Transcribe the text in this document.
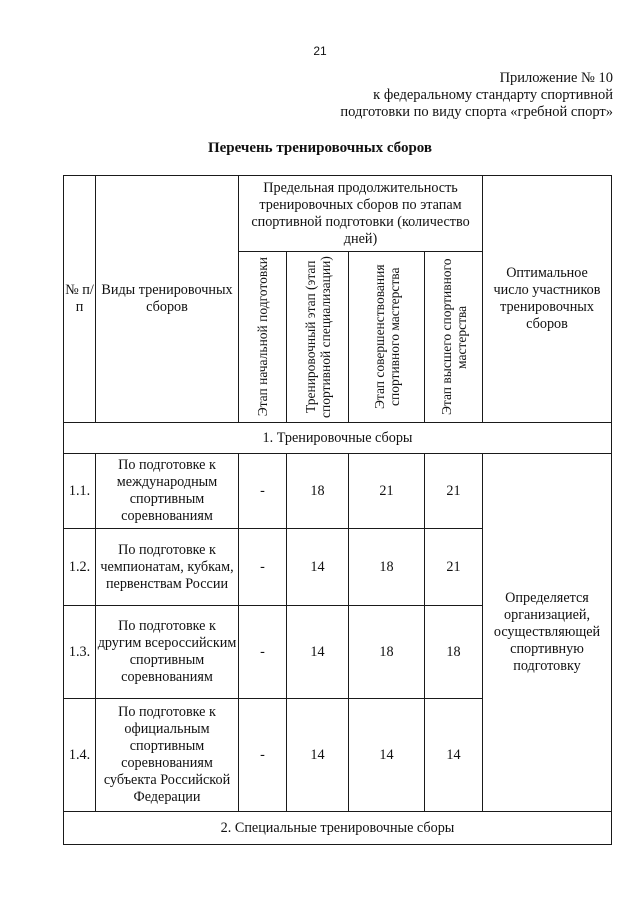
21
Приложение № 10
к федеральному стандарту спортивной
подготовки по виду спорта «гребной спорт»
Перечень тренировочных сборов
№ п/п	Виды тренировочных сборов	Предельная продолжительность тренировочных сборов по этапам спортивной подготовки (количество дней)				Оптимальное число участников тренировочных сборов

		Этап начальной подготовки	Тренировочный этап (этап спортивной специализации)	Этап совершенствования спортивного мастерства	Этап высшего спортивного мастерства	

1. Тренировочные сборы						
1.1.	По подготовке к международным спортивным соревнованиям	-	18	21	21	Определяется организацией, осуществляющей спортивную подготовку
1.2.	По подготовке к чемпионатам, кубкам, первенствам России	-	14	18	21	
1.3.	По подготовке к другим всероссийским спортивным соревнованиям	-	14	18	18	
1.4.	По подготовке к официальным спортивным соревнованиям субъекта Российской Федерации	-	14	14	14	
2. Специальные тренировочные сборы						
